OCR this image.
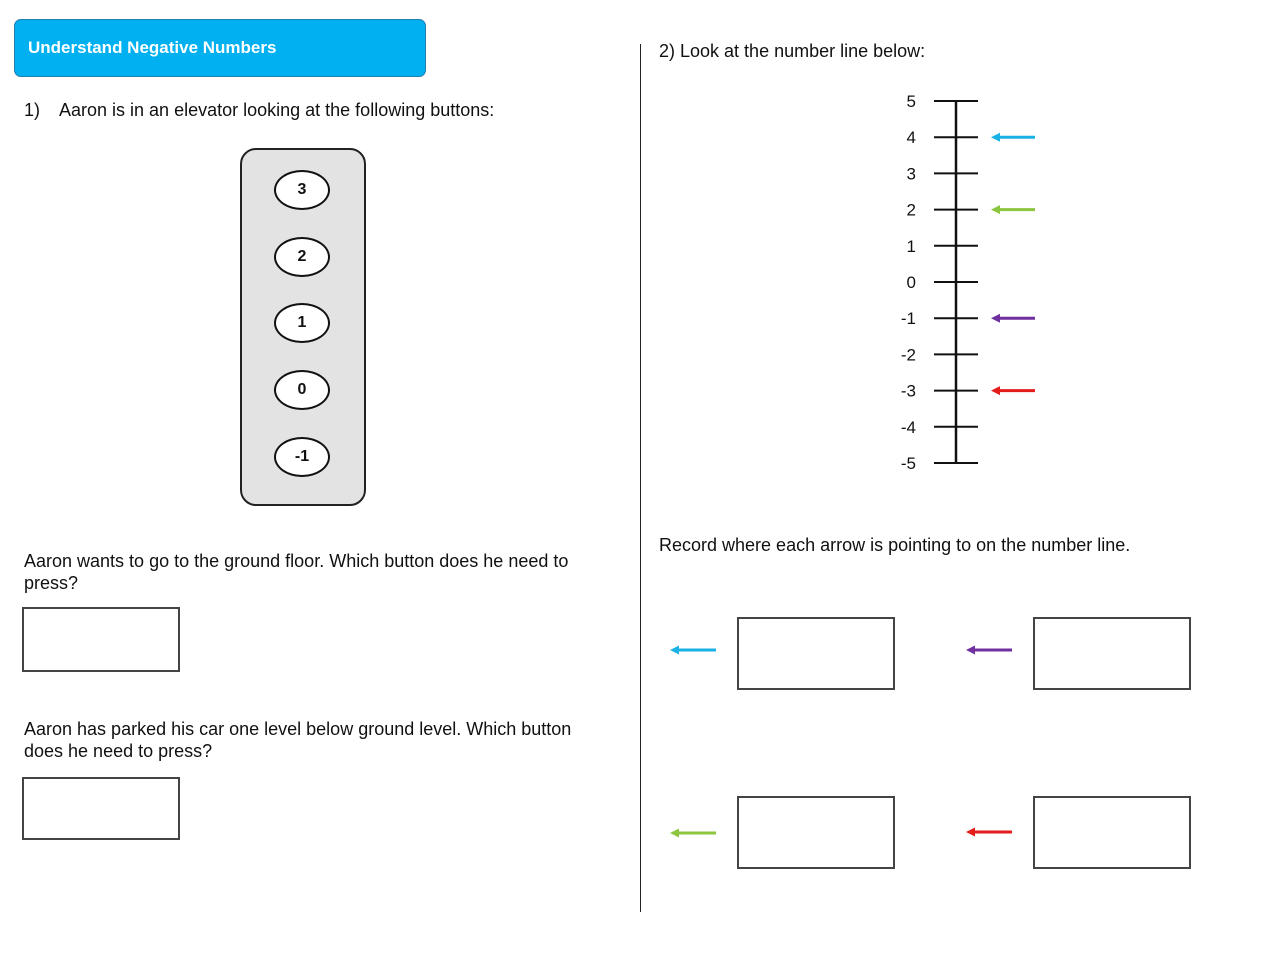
Understand Negative Numbers
1) Aaron is in an elevator looking at the following buttons:
3
2
1
0
-1
Aaron wants to go to the ground floor. Which button does he need to press?
Aaron has parked his car one level below ground level. Which button does he need to press?
2) Look at the number line below:
5
4
3
2
1
0
-1
-2
-3
-4
-5
Record where each arrow is pointing to on the number line.
